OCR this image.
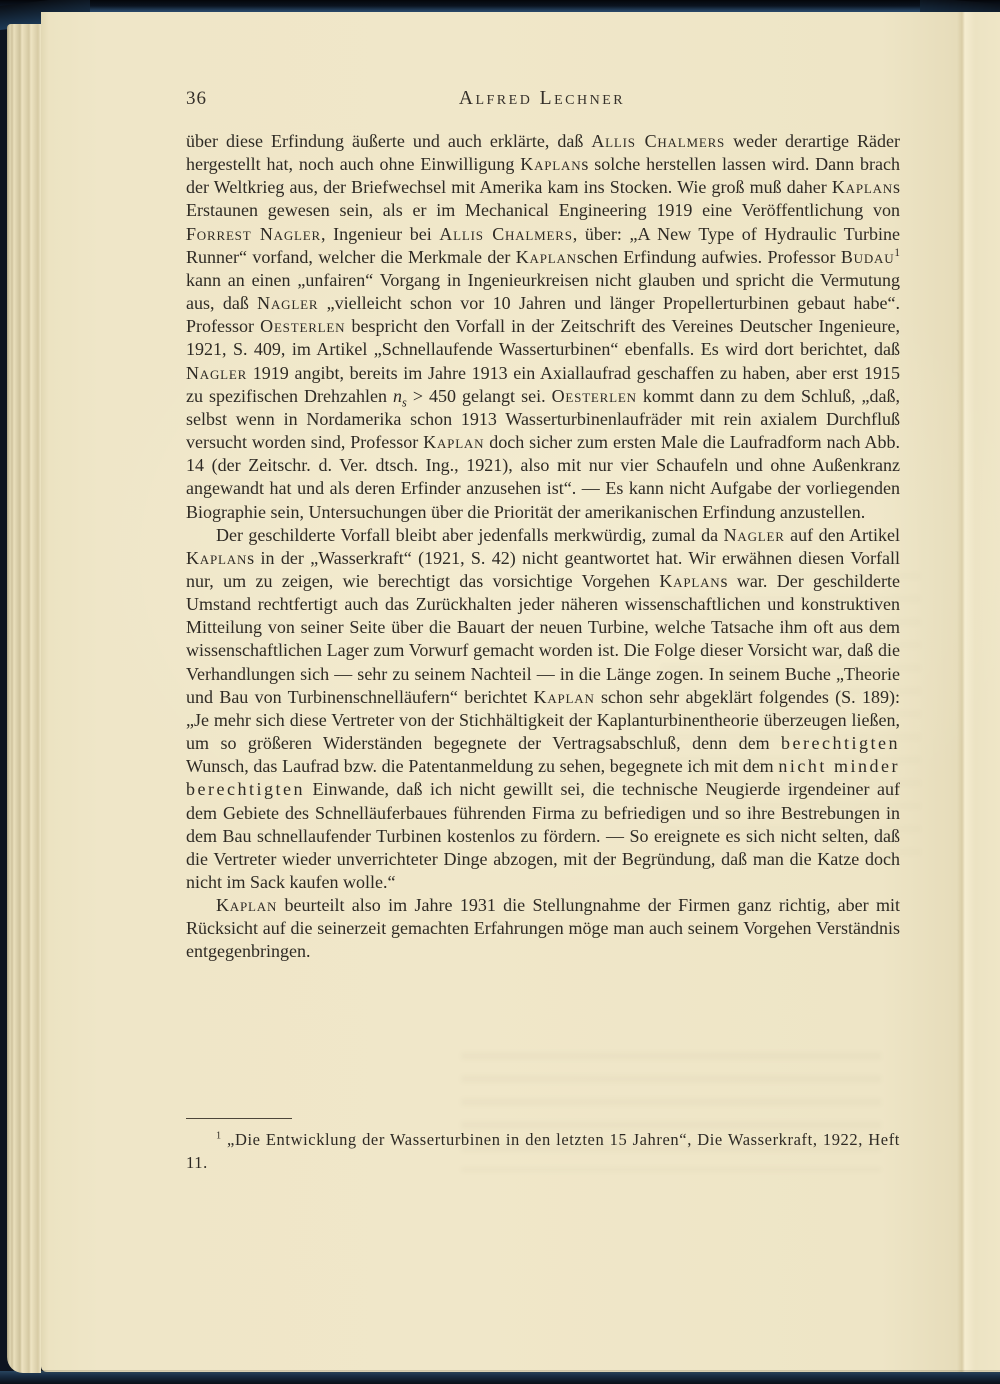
36	Alfred Lechner

über diese Erfindung äußerte und auch erklärte, daß Allis Chalmers weder derartige Räder hergestellt hat, noch auch ohne Einwilligung Kaplans solche herstellen lassen wird. Dann brach der Weltkrieg aus, der Briefwechsel mit Amerika kam ins Stocken. Wie groß muß daher Kaplans Erstaunen gewesen sein, als er im Mechanical Engineering 1919 eine Veröffentlichung von Forrest Nagler, Ingenieur bei Allis Chalmers, über: „A New Type of Hydraulic Turbine Runner“ vorfand, welcher die Merkmale der Kaplanschen Erfindung aufwies. Professor Budau$^1$ kann an einen „unfairen“ Vorgang in Ingenieurkreisen nicht glauben und spricht die Vermutung aus, daß Nagler „vielleicht schon vor 10 Jahren und länger Propellerturbinen gebaut habe“. Professor Oesterlen bespricht den Vorfall in der Zeitschrift des Vereines Deutscher Ingenieure, 1921, S. 409, im Artikel „Schnellaufende Wasserturbinen“ ebenfalls. Es wird dort berichtet, daß Nagler 1919 angibt, bereits im Jahre 1913 ein Axiallaufrad geschaffen zu haben, aber erst 1915 zu spezifischen Drehzahlen $n_s > 450$ gelangt sei. Oesterlen kommt dann zu dem Schluß, „daß, selbst wenn in Nordamerika schon 1913 Wasserturbinenlaufräder mit rein axialem Durchfluß versucht worden sind, Professor Kaplan doch sicher zum ersten Male die Laufradform nach Abb. 14 (der Zeitschr. d. Ver. dtsch. Ing., 1921), also mit nur vier Schaufeln und ohne Außenkranz angewandt hat und als deren Erfinder anzusehen ist“. — Es kann nicht Aufgabe der vorliegenden Biographie sein, Untersuchungen über die Priorität der amerikanischen Erfindung anzustellen.

Der geschilderte Vorfall bleibt aber jedenfalls merkwürdig, zumal da Nagler auf den Artikel Kaplans in der „Wasserkraft“ (1921, S. 42) nicht geantwortet hat. Wir erwähnen diesen Vorfall nur, um zu zeigen, wie berechtigt das vorsichtige Vorgehen Kaplans war. Der geschilderte Umstand rechtfertigt auch das Zurückhalten jeder näheren wissenschaftlichen und konstruktiven Mitteilung von seiner Seite über die Bauart der neuen Turbine, welche Tatsache ihm oft aus dem wissenschaftlichen Lager zum Vorwurf gemacht worden ist. Die Folge dieser Vorsicht war, daß die Verhandlungen sich — sehr zu seinem Nachteil — in die Länge zogen. In seinem Buche „Theorie und Bau von Turbinenschnelläufern“ berichtet Kaplan schon sehr abgeklärt folgendes (S. 189): „Je mehr sich diese Vertreter von der Stichhältigkeit der Kaplanturbinentheorie überzeugen ließen, um so größeren Widerständen begegnete der Vertragsabschluß, denn dem berechtigten Wunsch, das Laufrad bzw. die Patentanmeldung zu sehen, begegnete ich mit dem nicht minder berechtigten Einwande, daß ich nicht gewillt sei, die technische Neugierde irgendeiner auf dem Gebiete des Schnelläuferbaues führenden Firma zu befriedigen und so ihre Bestrebungen in dem Bau schnellaufender Turbinen kostenlos zu fördern. — So ereignete es sich nicht selten, daß die Vertreter wieder unverrichteter Dinge abzogen, mit der Begründung, daß man die Katze doch nicht im Sack kaufen wolle.“

Kaplan beurteilt also im Jahre 1931 die Stellungnahme der Firmen ganz richtig, aber mit Rücksicht auf die seinerzeit gemachten Erfahrungen möge man auch seinem Vorgehen Verständnis entgegenbringen.

$^1$ „Die Entwicklung der Wasserturbinen in den letzten 15 Jahren“, Die Wasserkraft, 1922, Heft 11.
